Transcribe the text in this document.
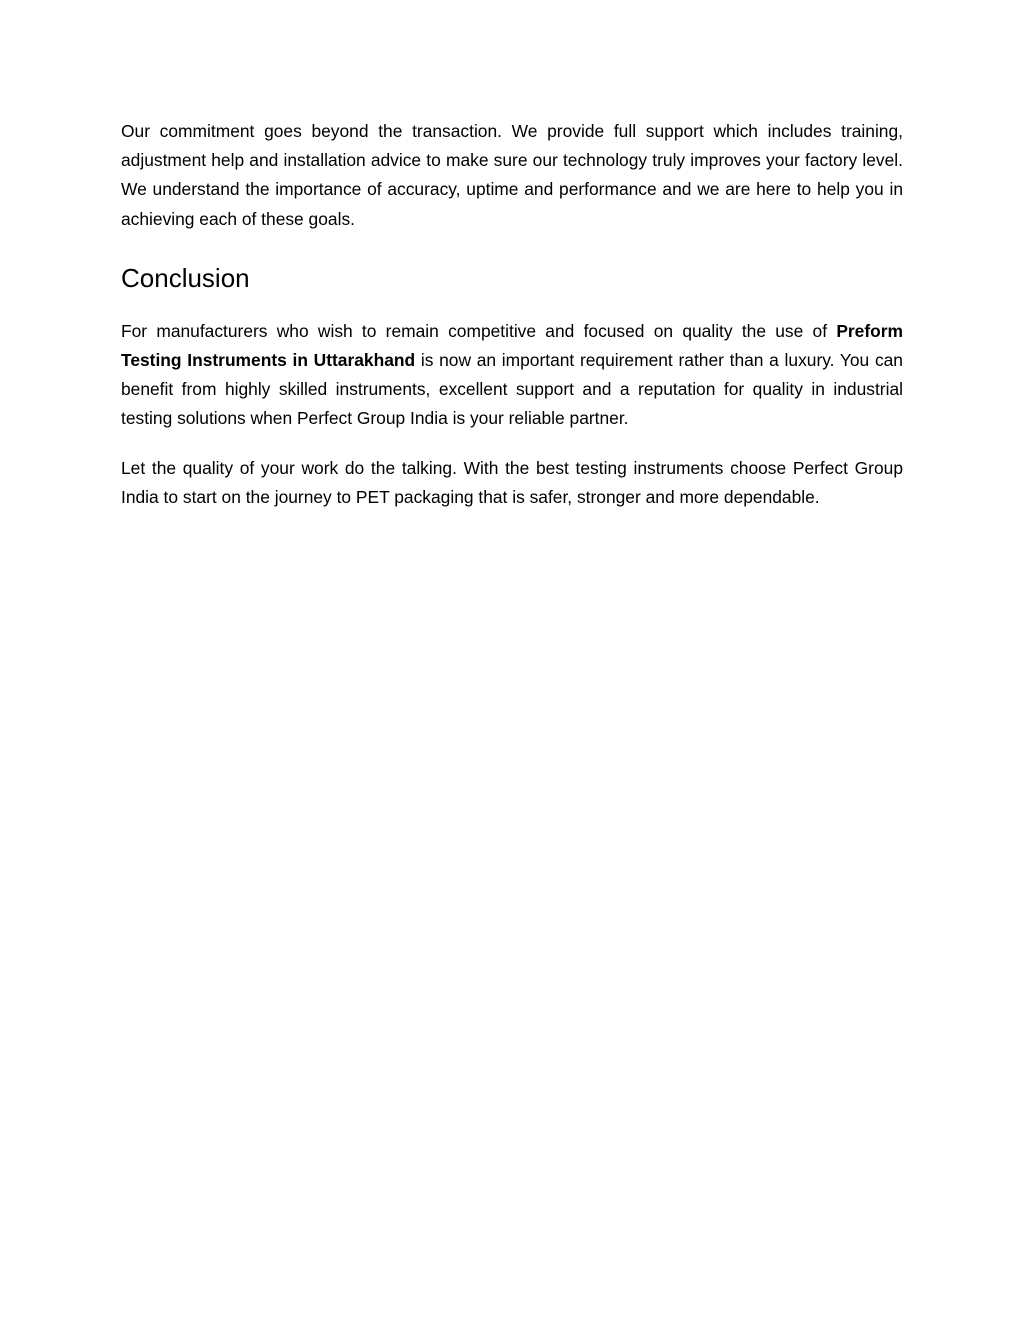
Our commitment goes beyond the transaction. We provide full support which includes training, adjustment help and installation advice to make sure our technology truly improves your factory level. We understand the importance of accuracy, uptime and performance and we are here to help you in achieving each of these goals.

Conclusion

For manufacturers who wish to remain competitive and focused on quality the use of Preform Testing Instruments in Uttarakhand is now an important requirement rather than a luxury. You can benefit from highly skilled instruments, excellent support and a reputation for quality in industrial testing solutions when Perfect Group India is your reliable partner.

Let the quality of your work do the talking. With the best testing instruments choose Perfect Group India to start on the journey to PET packaging that is safer, stronger and more dependable.
